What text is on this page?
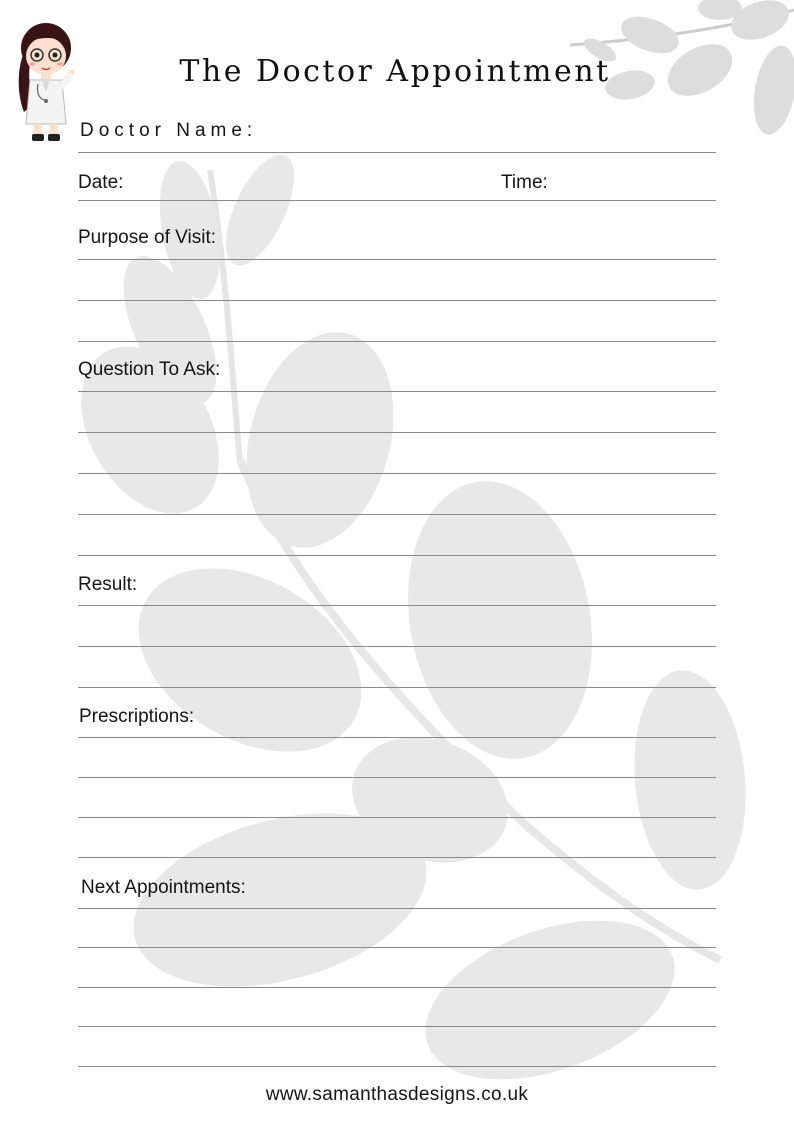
The Doctor Appointment
Doctor Name:
Date:	Time:
Purpose of Visit:
Question To Ask:
Result:
Prescriptions:
Next Appointments:
www.samanthasdesigns.co.uk
